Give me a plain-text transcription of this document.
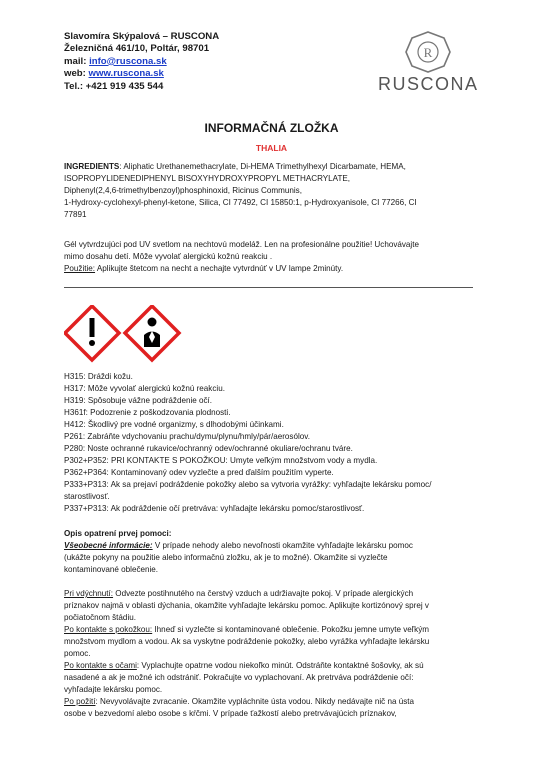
Slavomíra Skýpalová – RUSCONA
Železničná 461/10, Poltár, 98701
mail: info@ruscona.sk
web: www.ruscona.sk
Tel.: +421 919 435 544
R
RUSCONA
INFORMAČNÁ ZLOŽKA
THALIA

INGREDIENTS: Aliphatic Urethanemethacrylate, Di-HEMA Trimethylhexyl Dicarbamate, HEMA,

ISOPROPYLIDENEDIPHENYL BISOXYHYDROXYPROPYL METHACRYLATE,

Diphenyl(2,4,6-trimethylbenzoyl)phosphinoxid, Ricinus Communis,

1-Hydroxy-cyclohexyl-phenyl-ketone, Silica, CI 77492, CI 15850:1, p-Hydroxyanisole, CI 77266, CI

77891

Gél vytvrdzujúci pod UV svetlom na nechtovú modeláž. Len na profesionálne použitie! Uchovávajte

mimo dosahu detí. Môže vyvolať alergickú kožnú reakciu .

Použitie: Aplikujte štetcom na necht a nechajte vytvrdnúť v UV lampe 2minúty.

H315: Dráždi kožu.

H317: Môže vyvolať alergickú kožnú reakciu.

H319: Spôsobuje vážne podráždenie očí.

H361f: Podozrenie z poškodzovania plodnosti.

H412: Škodlivý pre vodné organizmy, s dlhodobými účinkami.

P261: Zabráňte vdychovaniu prachu/dymu/plynu/hmly/pár/aerosólov.

P280: Noste ochranné rukavice/ochranný odev/ochranné okuliare/ochranu tváre.

P302+P352: PRI KONTAKTE S POKOŽKOU: Umyte veľkým množstvom vody a mydla.

P362+P364: Kontaminovaný odev vyzlečte a pred ďalším použitím vyperte.

P333+P313: Ak sa prejaví podráždenie pokožky alebo sa vytvoria vyrážky: vyhľadajte lekársku pomoc/

starostlivosť.

P337+P313: Ak podráždenie očí pretrváva: vyhľadajte lekársku pomoc/starostlivosť.

Opis opatrení prvej pomoci:

Všeobecné informácie: V prípade nehody alebo nevoľnosti okamžite vyhľadajte lekársku pomoc

(ukážte pokyny na použitie alebo informačnú zložku, ak je to možné). Okamžite si vyzlečte

kontaminované oblečenie.

Pri vdýchnutí: Odvezte postihnutého na čerstvý vzduch a udržiavajte pokoj. V prípade alergických

príznakov najmä v oblasti dýchania, okamžite vyhľadajte lekársku pomoc. Aplikujte kortizónový sprej v

počiatočnom štádiu.

Po kontakte s pokožkou: Ihneď si vyzlečte si kontaminované oblečenie. Pokožku jemne umyte veľkým

množstvom mydlom a vodou. Ak sa vyskytne podráždenie pokožky, alebo vyrážka vyhľadajte lekársku

pomoc.

Po kontakte s očami: Vyplachujte opatrne vodou niekoľko minút. Odstráňte kontaktné šošovky, ak sú

nasadené a ak je možné ich odstrániť. Pokračujte vo vyplachovaní. Ak pretrváva podráždenie očí:

vyhľadajte lekársku pomoc.

Po požití: Nevyvolávajte zvracanie. Okamžite vypláchnite ústa vodou. Nikdy nedávajte nič na ústa

osobe v bezvedomí alebo osobe s kŕčmi. V prípade ťažkostí alebo pretrvávajúcich príznakov,
